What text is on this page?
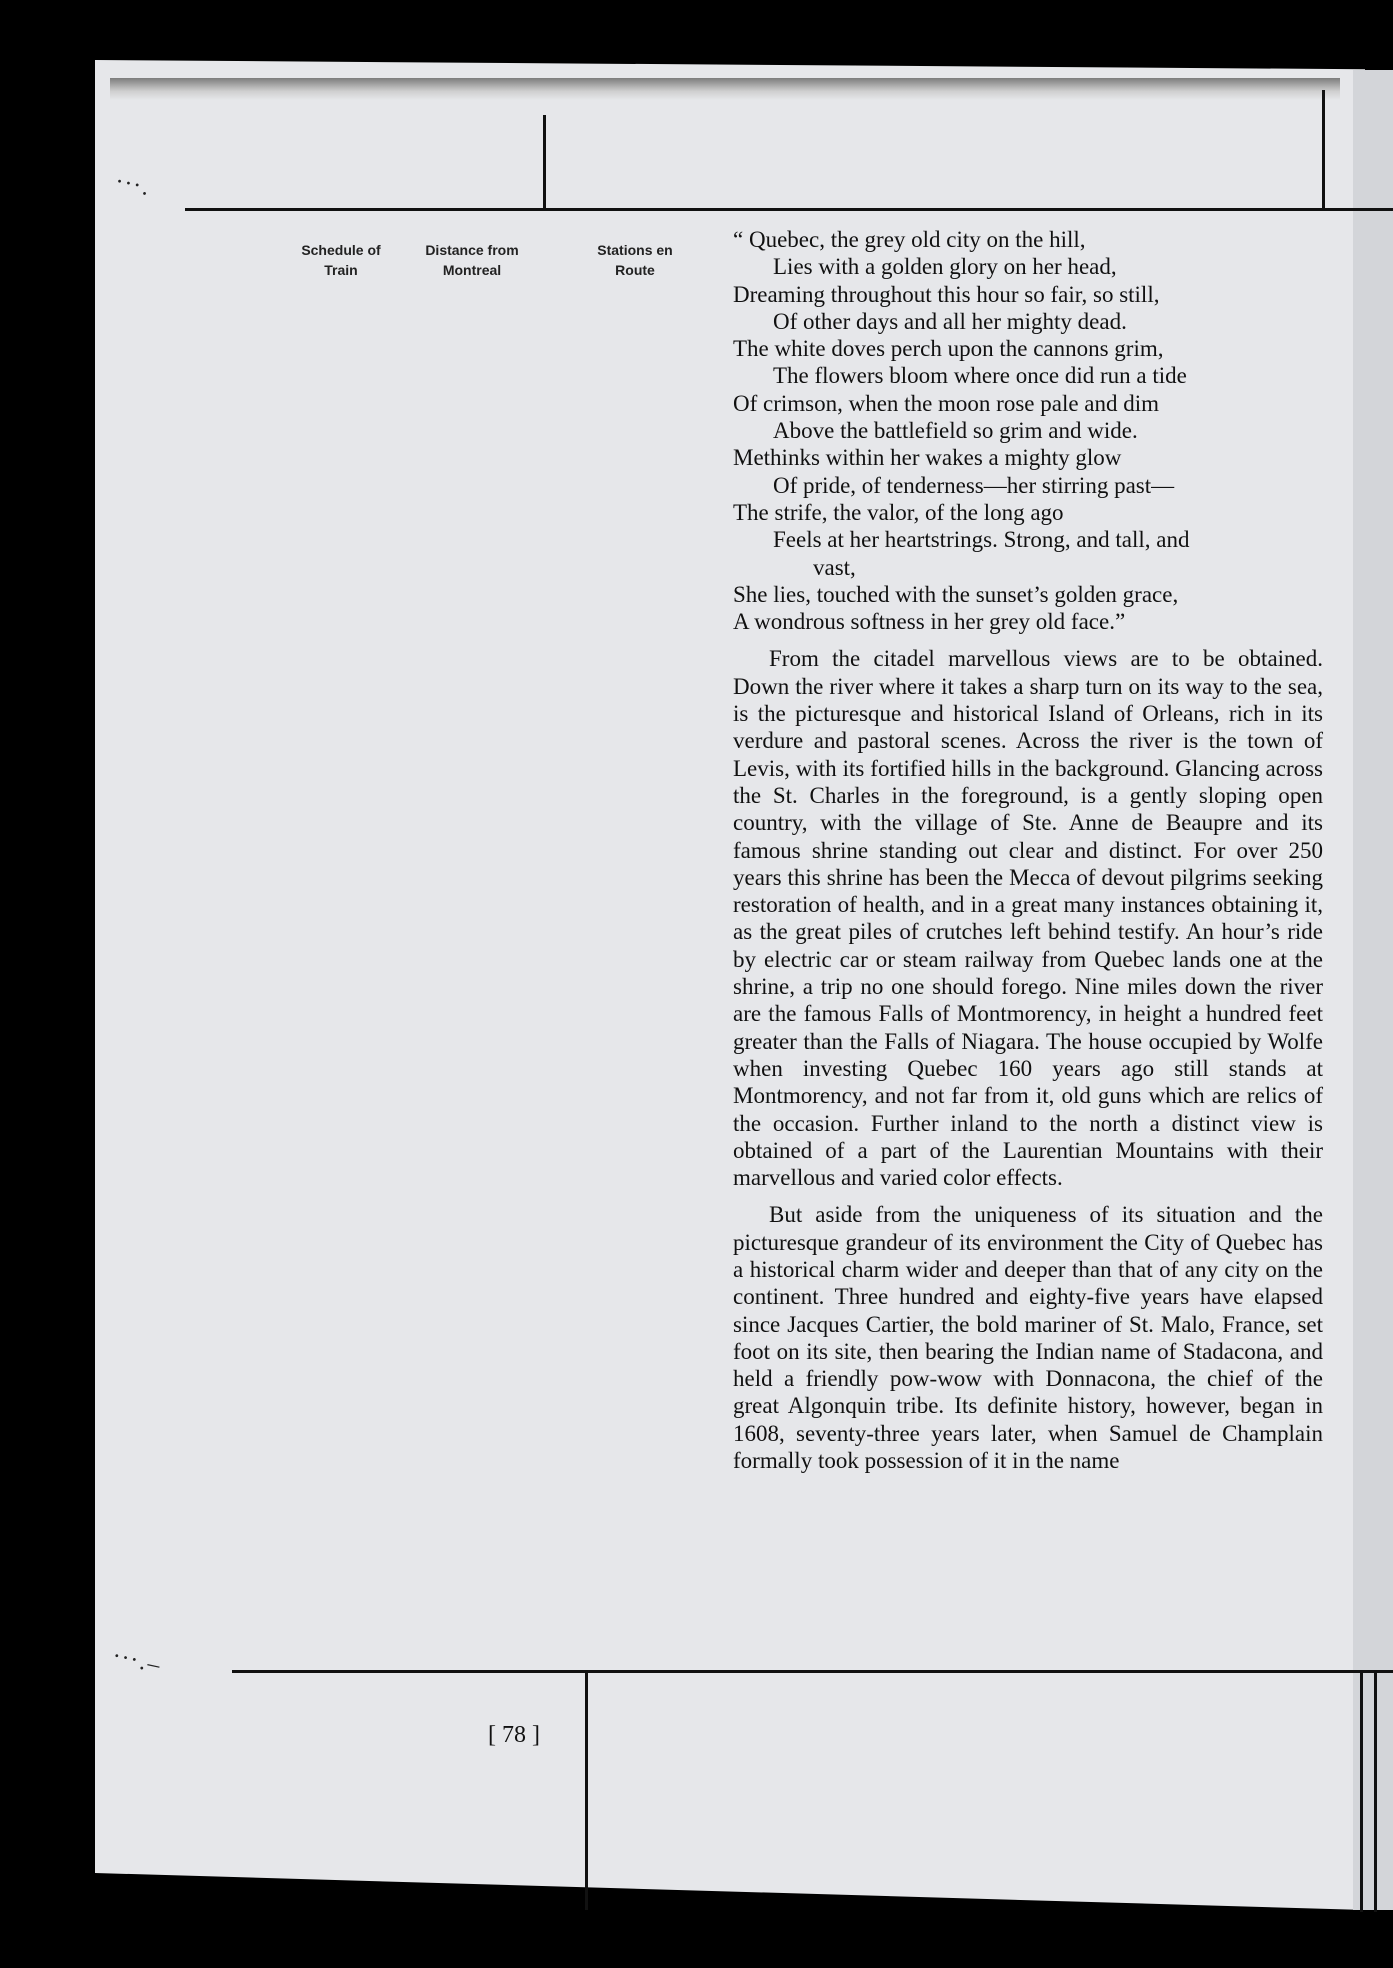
·∙·.
·∙·.–
Schedule of
Train
Distance from
Montreal
Stations en
Route
“ Quebec, the grey old city on the hill,
Lies with a golden glory on her head,
Dreaming throughout this hour so fair, so still,
Of other days and all her mighty dead.
The white doves perch upon the cannons grim,
The flowers bloom where once did run a tide
Of crimson, when the moon rose pale and dim
Above the battlefield so grim and wide.
Methinks within her wakes a mighty glow
Of pride, of tenderness—her stirring past—
The strife, the valor, of the long ago
Feels at her heartstrings. Strong, and tall, and
vast,
She lies, touched with the sunset’s golden grace,
A wondrous softness in her grey old face.”

From the citadel marvellous views are to be obtained. Down the river where it takes a sharp turn on its way to the sea, is the picturesque and historical Island of Orleans, rich in its verdure and pastoral scenes. Across the river is the town of Levis, with its fortified hills in the background. Glancing across the St. Charles in the foreground, is a gently sloping open country, with the village of Ste. Anne de Beaupre and its famous shrine standing out clear and distinct. For over 250 years this shrine has been the Mecca of devout pilgrims seeking restoration of health, and in a great many instances obtaining it, as the great piles of crutches left behind testify. An hour’s ride by electric car or steam railway from Quebec lands one at the shrine, a trip no one should forego. Nine miles down the river are the famous Falls of Montmorency, in height a hundred feet greater than the Falls of Niagara. The house occupied by Wolfe when investing Quebec 160 years ago still stands at Montmorency, and not far from it, old guns which are relics of the occasion. Further inland to the north a distinct view is obtained of a part of the Laurentian Mountains with their marvellous and varied color effects.

But aside from the uniqueness of its situation and the picturesque grandeur of its environment the City of Quebec has a historical charm wider and deeper than that of any city on the continent. Three hundred and eighty-five years have elapsed since Jacques Cartier, the bold mariner of St. Malo, France, set foot on its site, then bearing the Indian name of Stadacona, and held a friendly pow-wow with Donnacona, the chief of the great Algonquin tribe. Its definite history, however, began in 1608, seventy-three years later, when Samuel de Champlain formally took possession of it in the name

[ 78 ]
